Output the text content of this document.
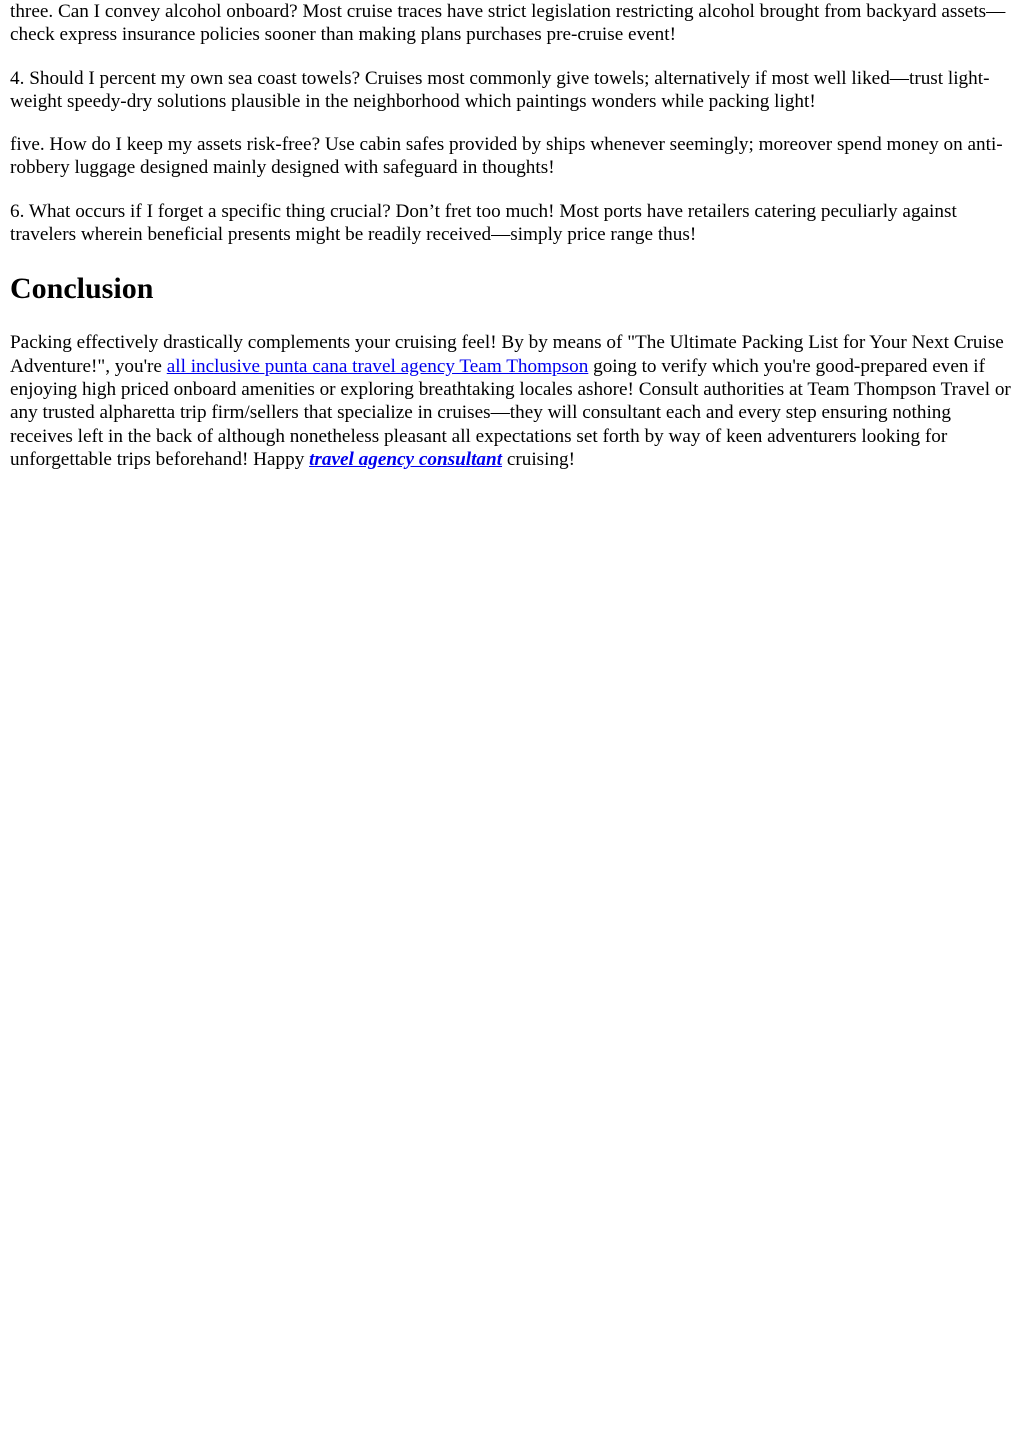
three. Can I convey alcohol onboard? Most cruise traces have strict legislation restricting alcohol brought from backyard assets—check express insurance policies sooner than making plans purchases pre-cruise event!

4. Should I percent my own sea coast towels? Cruises most commonly give towels; alternatively if most well liked—trust light-weight speedy-dry solutions plausible in the neighborhood which paintings wonders while packing light!

five. How do I keep my assets risk-free? Use cabin safes provided by ships whenever seemingly; moreover spend money on anti-robbery luggage designed mainly designed with safeguard in thoughts!

6. What occurs if I forget a specific thing crucial? Don’t fret too much! Most ports have retailers catering peculiarly against travelers wherein beneficial presents might be readily received—simply price range thus!

Conclusion

Packing effectively drastically complements your cruising feel! By by means of "The Ultimate Packing List for Your Next Cruise Adventure!", you're all inclusive punta cana travel agency Team Thompson going to verify which you're good-prepared even if enjoying high priced onboard amenities or exploring breathtaking locales ashore! Consult authorities at Team Thompson Travel or any trusted alpharetta trip firm/sellers that specialize in cruises—they will consultant each and every step ensuring nothing receives left in the back of although nonetheless pleasant all expectations set forth by way of keen adventurers looking for unforgettable trips beforehand! Happy travel agency consultant cruising!
